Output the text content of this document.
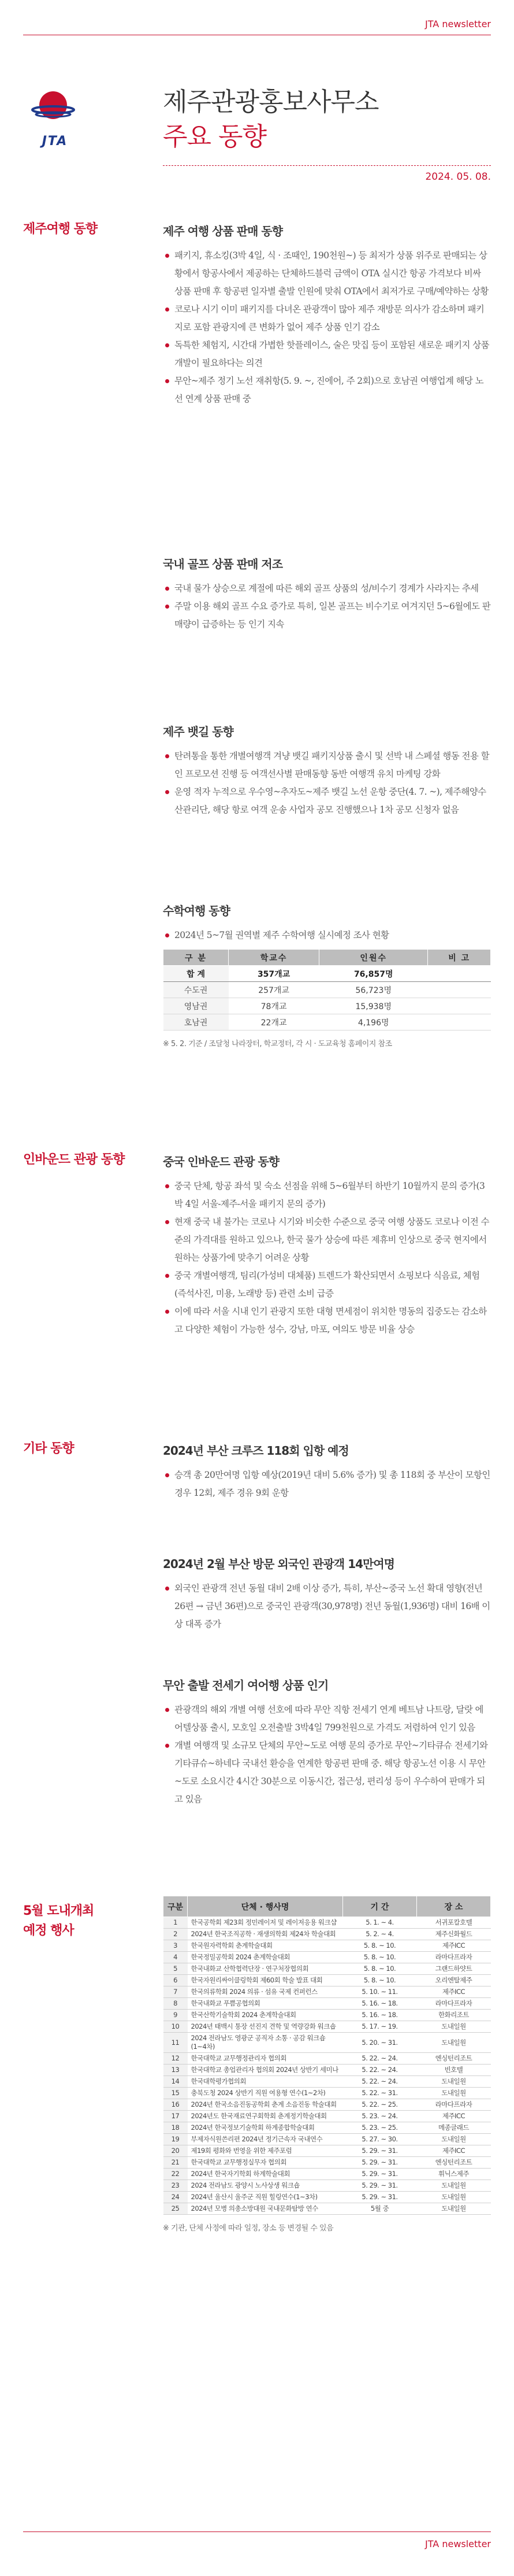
JTA newsletter
JTA
제주관광홍보사무소
주요 동향
2024. 05. 08.
제주여행 동향	제주 여행 상품 판매 동향
패키지, 휴소킹(3박 4일, 식 · 조때인, 190천원~) 등 최저가 상품 위주로 판매되는 상황에서 항공사에서 제공하는 단체하드블럭 금액이 OTA 실시간 항공 가격보다 비싸 상품 판매 후 항공편 일자별 출발 인원에 맞춰 OTA에서 최저가로 구매/예약하는 상황
코로나 시기 이미 패키지를 다녀온 관광객이 많아 제주 재방문 의사가 감소하며 패키지로 포함 관광지에 큰 변화가 없어 제주 상품 인기 감소
독특한 체험지, 시간대 가볍한 핫플레이스, 술은 맛집 등이 포함된 새로운 패키지 상품 개발이 필요하다는 의견
무안~제주 정기 노선 재취항(5. 9. ~, 진에어, 주 2회)으로 호남권 여행업계 해당 노선 연계 상품 판매 중
국내 골프 상품 판매 저조
국내 물가 상승으로 계절에 따른 해외 골프 상품의 성/비수기 경계가 사라지는 추세
주말 이용 해외 골프 수요 증가로 특히, 일본 골프는 비수기로 여겨지던 5~6월에도 판매량이 급증하는 등 인기 지속
제주 뱃길 동향
탄려통을 통한 개별여행객 겨냥 뱃길 패키지상품 출시 및 선박 내 스페셜 행동 전용 할인 프로모션 진행 등 여객선사별 판매동향 동반 여행객 유치 마케팅 강화
운영 적자 누적으로 우수영~추자도~제주 뱃길 노선 운항 중단(4. 7. ~), 제주해양수산관리단, 해당 항로 여객 운송 사업자 공모 진행했으나 1차 공모 신청자 없음
수학여행 동향
2024년 5~7월 권역별 제주 수학여행 실시예정 조사 현황
구 분	학교수	인원수	비 고
합 계	357개교	76,857명	
수도권	257개교	56,723명	
영남권	78개교	15,938명	
호남권	22개교	4,196명	
※ 5. 2. 기준 / 조달청 나라장터, 학교정터, 각 시 · 도교육청 홈페이지 참조
인바운드 관광 동향	중국 인바운드 관광 동향
중국 단체, 항공 좌석 및 숙소 선점을 위해 5~6월부터 하반기 10월까지 문의 증가(3박 4일 서울-제주-서울 패키지 문의 증가)
현재 중국 내 불가는 코로나 시기와 비슷한 수준으로 중국 여행 상품도 코로나 이전 수준의 가격대를 원하고 있으나, 한국 물가 상승에 따른 제휴비 인상으로 중국 현지에서 원하는 상품가에 맞추기 어려운 상황
중국 개별여행객, 팀리(가성비 대체품) 트렌드가 확산되면서 쇼핑보다 식음료, 체험(즉석사진, 미용, 노래방 등) 관련 소비 급증
이에 따라 서울 시내 인기 관광지 또한 대형 면세점이 위치한 명동의 집중도는 감소하고 다양한 체험이 가능한 성수, 강남, 마포, 여의도 방문 비율 상승
기타 동향	2024년 부산 크루즈 118회 입항 예정
승객 총 20만여명 입항 예상(2019년 대비 5.6% 증가) 및 총 118회 중 부산이 모항인 경우 12회, 제주 경유 9회 운항
2024년 2월 부산 방문 외국인 관광객 14만여명
외국인 관광객 전년 동월 대비 2배 이상 증가, 특히, 부산~중국 노선 확대 영향(전년 26편 → 금년 36편)으로 중국인 관광객(30,978명) 전년 동월(1,936명) 대비 16배 이상 대폭 증가
무안 출발 전세기 여어행 상품 인기
관광객의 해외 개별 여행 선호에 따라 무안 직항 전세기 연계 베트남 나트랑, 달랏 에어텔상품 출시, 모호일 오전출발 3박4일 799천원으로 가격도 저렴하여 인기 있음
개별 여행객 및 소규모 단체의 무안~도로 여행 문의 증가로 무안~기타큐슈 전세기와 기타큐슈~하네다 국내선 환승을 연계한 항공편 판매 중. 해당 항공노선 이용 시 무안~도로 소요시간 4시간 30분으로 이동시간, 접근성, 편리성 등이 우수하여 판매가 되고 있음
5월 도내개최
예정 행사
구분	단체 · 행사명	기 간	장 소
1	한국공학회 제23회 정민레이저 및 레이저응용 워크샵	5. 1. ~ 4.	서귀포칼호텔
2	2024년 한국조직공학 · 재생의학회 제24차 학술대회	5. 2. ~ 4.	제주신화월드
3	한국원자력학회 춘계학술대회	5. 8. ~ 10.	제주ICC
4	한국정밀공학회 2024 춘계학술대회	5. 8. ~ 10.	라마다프라자
5	한국내화교 산학협력단장 · 연구처장협의회	5. 8. ~ 10.	그랜드하얏트
6	한국자원리싸이클링학회 제60회 학술 발표 대회	5. 8. ~ 10.	오리엔탈제주
7	한국의류학회 2024 의류 · 섬유 국제 컨퍼런스	5. 10. ~ 11.	제주ICC
8	한국내화교 푸쁨공협의회	5. 16. ~ 18.	라마다프라자
9	한국산학기술학회 2024 춘계학술대회	5. 16. ~ 18.	한화리조트
10	2024년 태백시 통장 선진지 견학 및 역량강화 워크숍	5. 17. ~ 19.	도내일원
11	2024 전라남도 영광군 공직자 소통 · 공감 워크숍(1~4차)	5. 20. ~ 31.	도내일원
12	한국대학교 교무행정관리자 협의회	5. 22. ~ 24.	엔싱턴리조트
13	한국대학교 총업관리자 협의회 2024년 상반기 세미나	5. 22. ~ 24.	빈호텔
14	한국대학평가협의회	5. 22. ~ 24.	도내일원
15	충북도청 2024 상반기 직원 여용형 연수(1~2차)	5. 22. ~ 31.	도내일원
16	2024년 한국소음진동공학회 춘계 소음진동 학술대회	5. 22. ~ 25.	라마다프라자
17	2024년도 한국재료연구회학회 춘계정기학술대회	5. 23. ~ 24.	제주ICC
18	2024년 한국정보기술학회 하계종합학술대회	5. 23. ~ 25.	메종글래드
19	부제자식원쓴리편 2024년 정기근속자 국내연수	5. 27. ~ 30.	도내일원
20	제19회 평화와 번영을 위한 제주포럼	5. 29. ~ 31.	제주ICC
21	한국대학교 교무행정실무자 협의회	5. 29. ~ 31.	엔싱턴리조트
22	2024년 한국자기학회 하계학술대회	5. 29. ~ 31.	휘닉스제주
23	2024 전라남도 광양시 노사상생 워크숍	5. 29. ~ 31.	도내일원
24	2024년 울산시 울주군 직원 힐링연수(1~3차)	5. 29. ~ 31.	도내일원
25	2024년 모병 의총소방대원 국내문화탐방 연수	5월 중	도내일원
※ 기관, 단체 사정에 따라 일정, 장소 등 변경될 수 있음
JTA newsletter
